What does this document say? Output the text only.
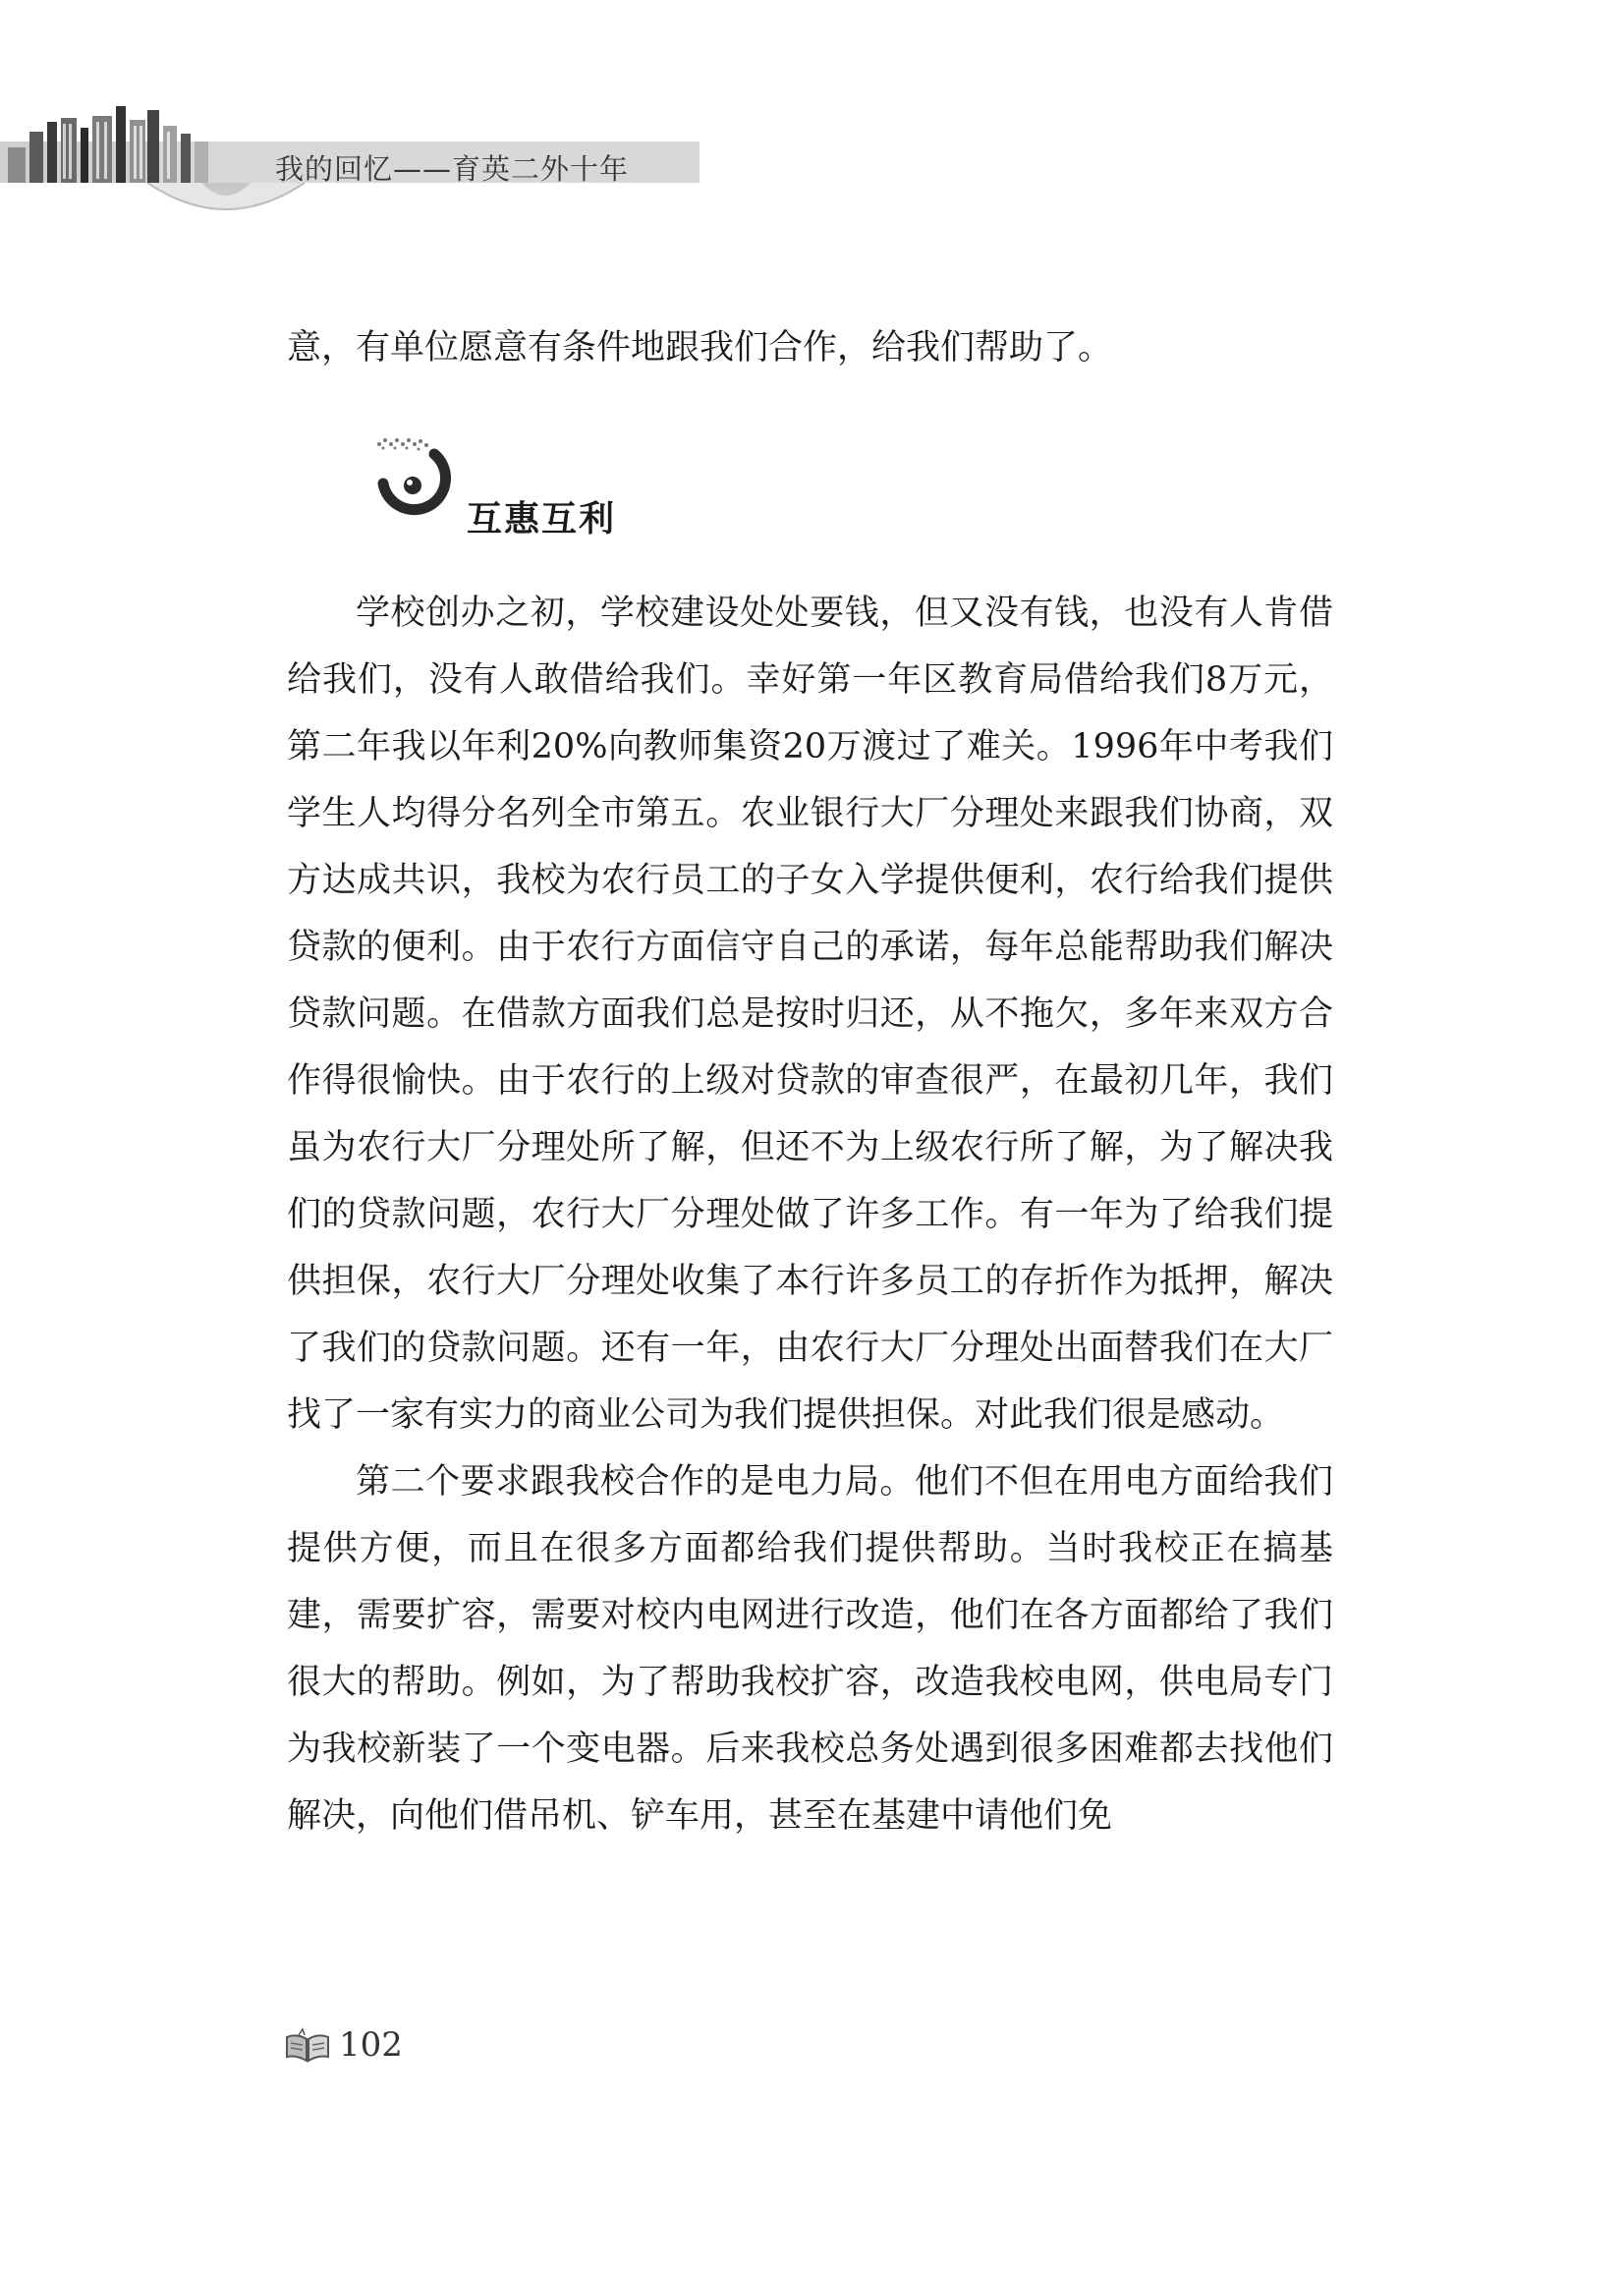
我的回忆——育英二外十年

意，有单位愿意有条件地跟我们合作，给我们帮助了。

互惠互利

学校创办之初，学校建设处处要钱，但又没有钱，也没有人肯借给我们，没有人敢借给我们。幸好第一年区教育局借给我们8万元，第二年我以年利20%向教师集资20万渡过了难关。1996年中考我们学生人均得分名列全市第五。农业银行大厂分理处来跟我们协商，双方达成共识，我校为农行员工的子女入学提供便利，农行给我们提供贷款的便利。由于农行方面信守自己的承诺，每年总能帮助我们解决贷款问题。在借款方面我们总是按时归还，从不拖欠，多年来双方合作得很愉快。由于农行的上级对贷款的审查很严，在最初几年，我们虽为农行大厂分理处所了解，但还不为上级农行所了解，为了解决我们的贷款问题，农行大厂分理处做了许多工作。有一年为了给我们提供担保，农行大厂分理处收集了本行许多员工的存折作为抵押，解决了我们的贷款问题。还有一年，由农行大厂分理处出面替我们在大厂找了一家有实力的商业公司为我们提供担保。对此我们很是感动。

第二个要求跟我校合作的是电力局。他们不但在用电方面给我们提供方便，而且在很多方面都给我们提供帮助。当时我校正在搞基建，需要扩容，需要对校内电网进行改造，他们在各方面都给了我们很大的帮助。例如，为了帮助我校扩容，改造我校电网，供电局专门为我校新装了一个变电器。后来我校总务处遇到很多困难都去找他们解决，向他们借吊机、铲车用，甚至在基建中请他们免

102
